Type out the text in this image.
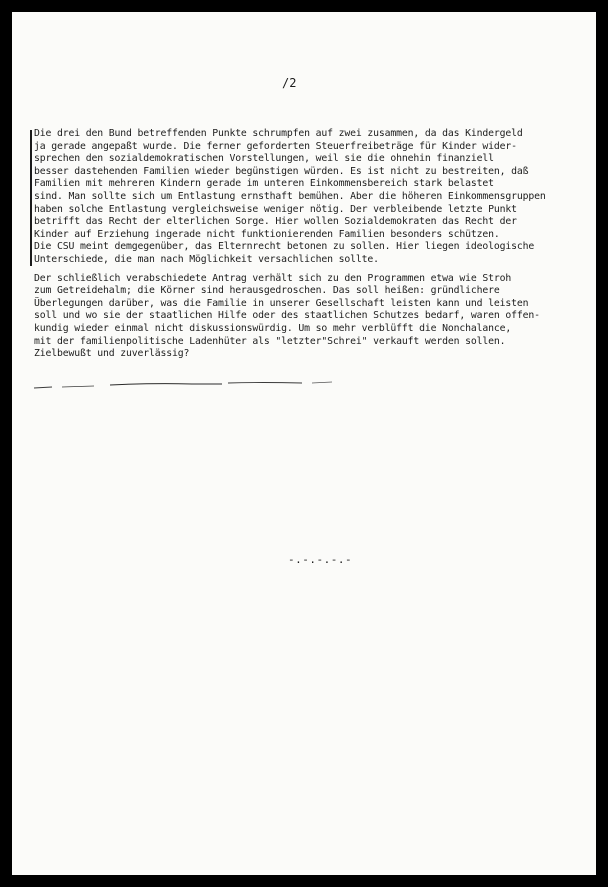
/2
Die drei den Bund betreffenden Punkte schrumpfen auf zwei zusammen, da das Kindergeld
ja gerade angepaßt wurde. Die ferner geforderten Steuerfreibeträge für Kinder wider-
sprechen den sozialdemokratischen Vorstellungen, weil sie die ohnehin finanziell
besser dastehenden Familien wieder begünstigen würden. Es ist nicht zu bestreiten, daß
Familien mit mehreren Kindern gerade im unteren Einkommensbereich stark belastet
sind. Man sollte sich um Entlastung ernsthaft bemühen. Aber die höheren Einkommensgruppen
haben solche Entlastung vergleichsweise weniger nötig. Der verbleibende letzte Punkt
betrifft das Recht der elterlichen Sorge. Hier wollen Sozialdemokraten das Recht der
Kinder auf Erziehung ingerade nicht funktionierenden Familien besonders schützen.
Die CSU meint demgegenüber, das Elternrecht betonen zu sollen. Hier liegen ideologische
Unterschiede, die man nach Möglichkeit versachlichen sollte.
Der schließlich verabschiedete Antrag verhält sich zu den Programmen etwa wie Stroh
zum Getreidehalm; die Körner sind herausgedroschen. Das soll heißen: gründlichere
Überlegungen darüber, was die Familie in unserer Gesellschaft leisten kann und leisten
soll und wo sie der staatlichen Hilfe oder des staatlichen Schutzes bedarf, waren offen-
kundig wieder einmal nicht diskussionswürdig. Um so mehr verblüfft die Nonchalance,
mit der familienpolitische Ladenhüter als "letzter"Schrei" verkauft werden sollen.
Zielbewußt und zuverlässig?
-.-.-.-.-
